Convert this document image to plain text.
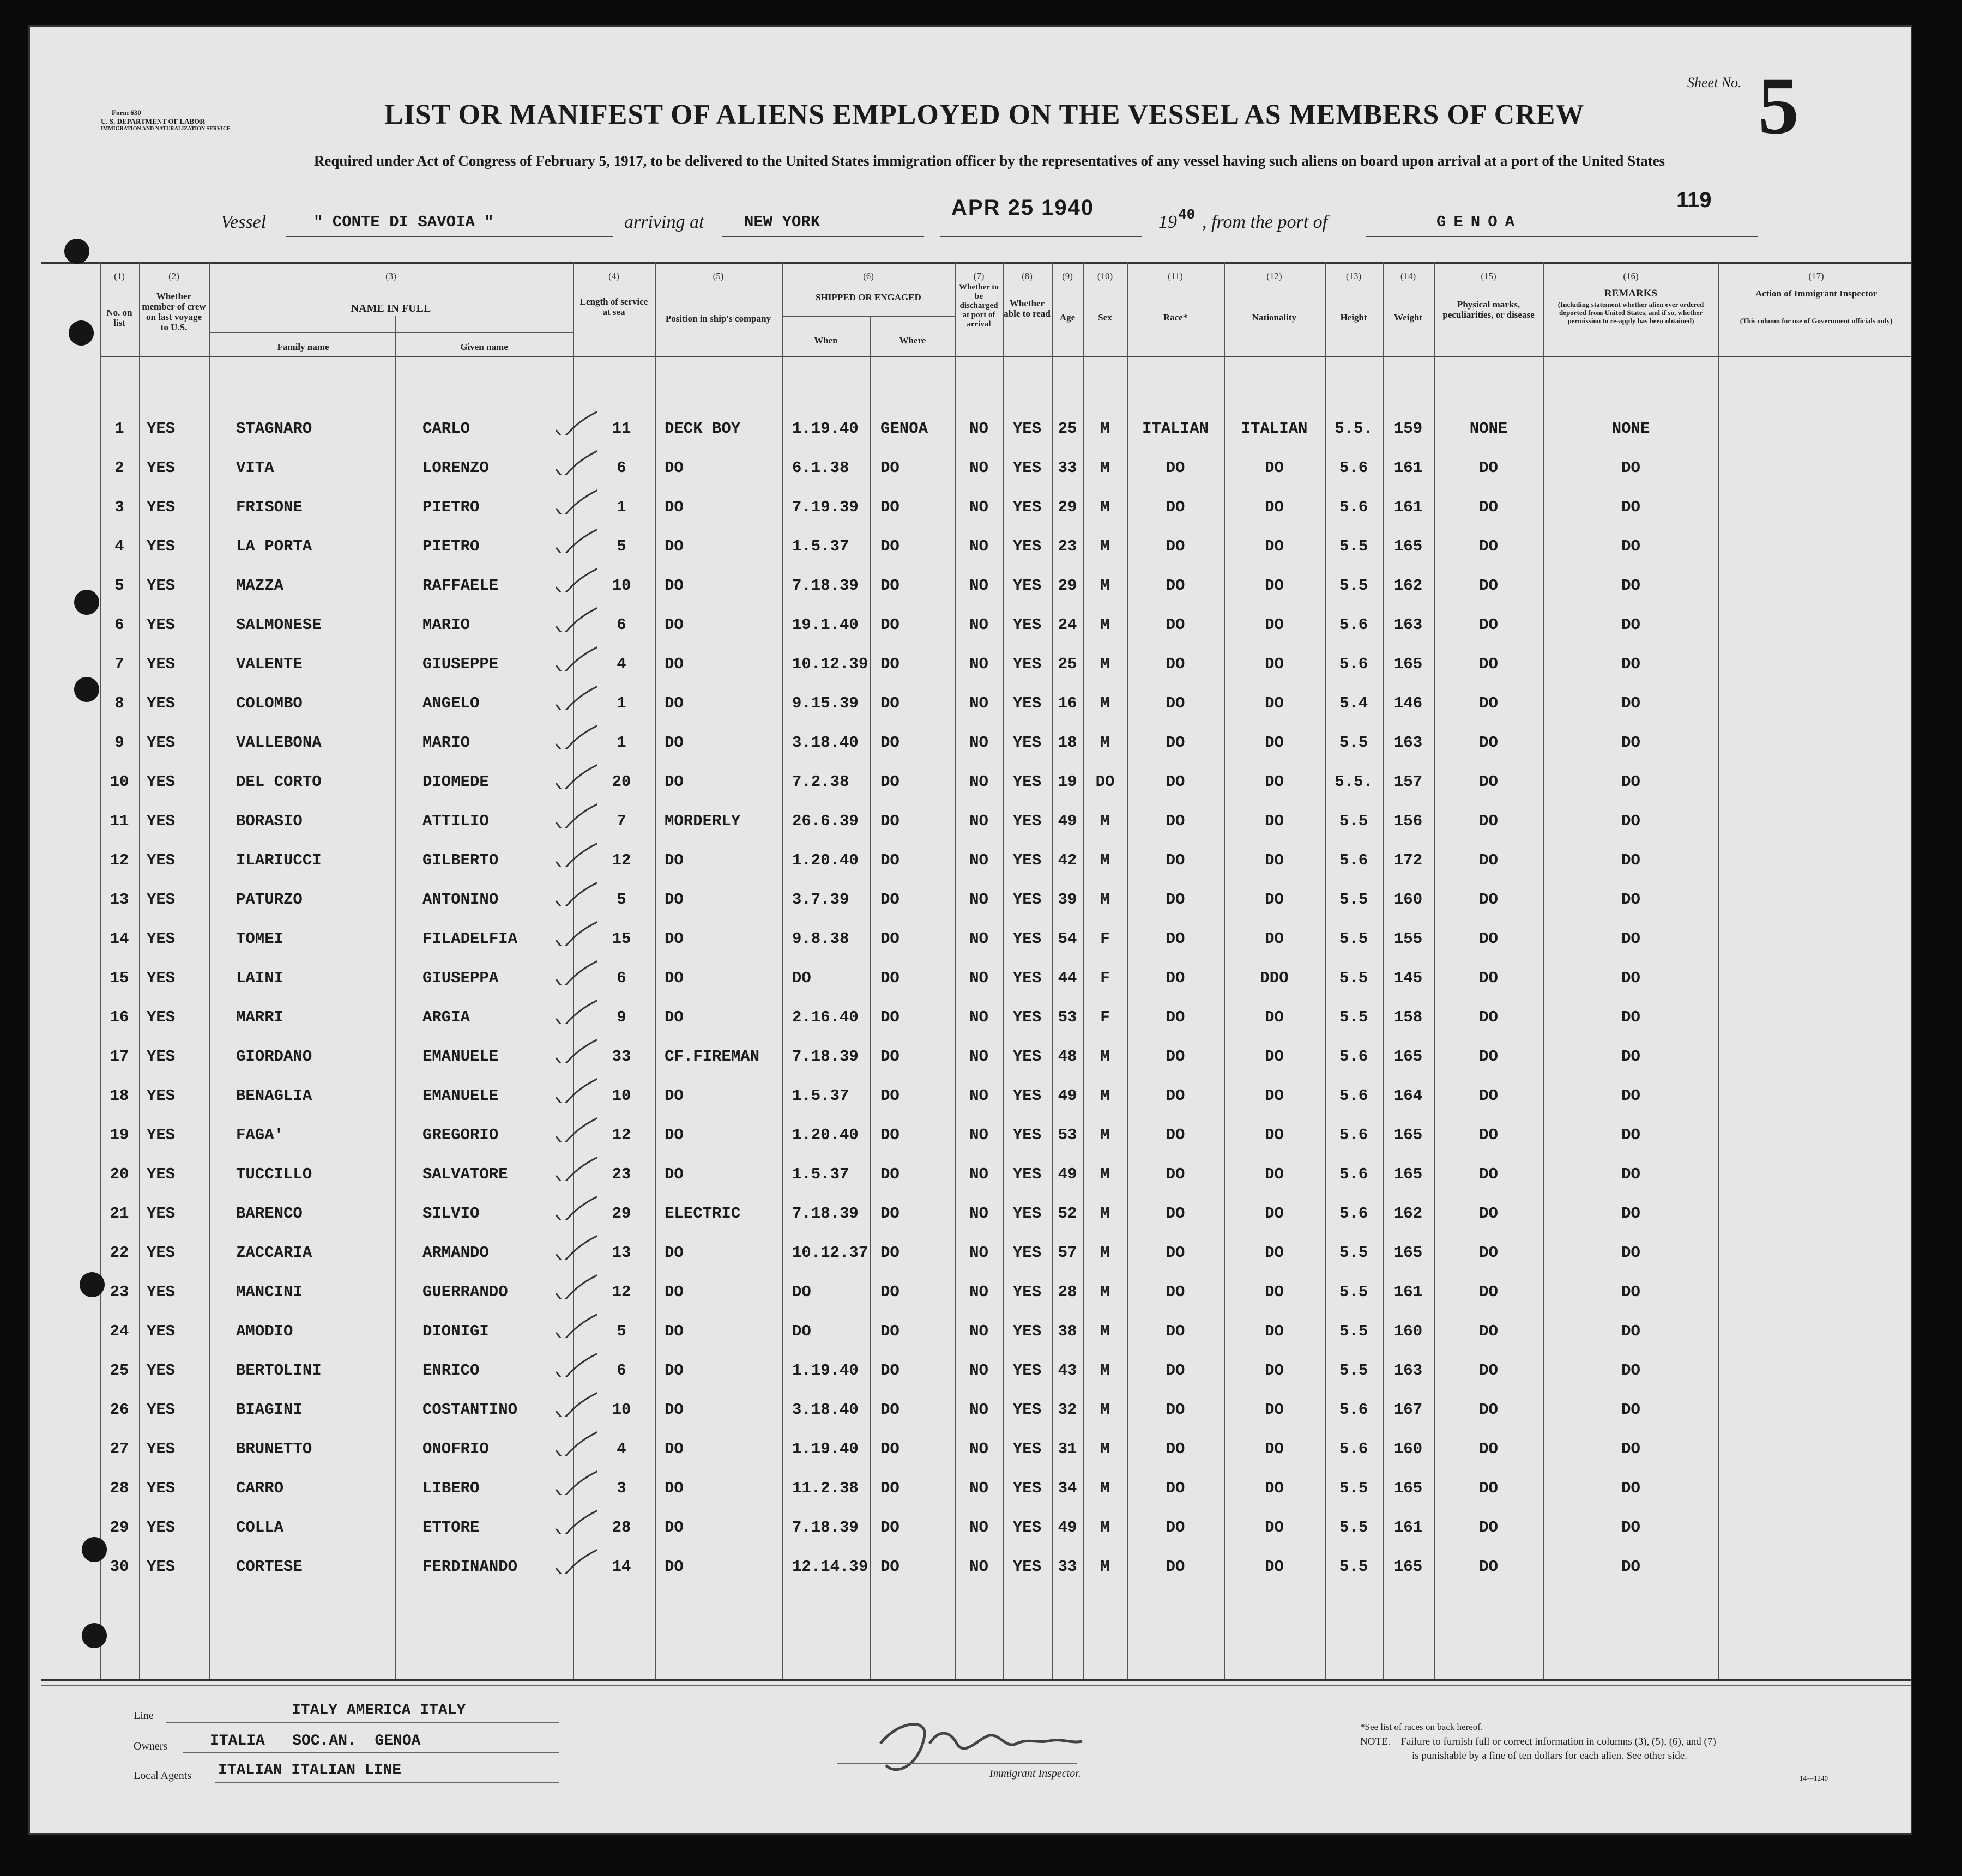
Form 630
U. S. DEPARTMENT OF LABOR
IMMIGRATION AND NATURALIZATION SERVICE	LIST OR MANIFEST OF ALIENS EMPLOYED ON THE VESSEL AS MEMBERS OF CREW
Sheet No. 5
Required under Act of Congress of February 5, 1917, to be delivered to the United States immigration officer by the representatives of any vessel having such aliens on board upon arrival at a port of the United States
Vessel	" CONTE DI SAVOIA "	arriving at	NEW YORK
APR 25 1940
19 40 , from the port of	GENOA
119
(1)	(2)	(3)	(4)	(5)	(6)	(7)	(8)	(9)	(10)	(11)	(12)	(13)	(14)	(15)	(16)	(17)
No. on list
Whether member of crew on last voyage to U.S.
NAME IN FULL
Family name	Given name
Length of service at sea
Position in ship's company
SHIPPED OR ENGAGED
When	Where
Whether to be discharged at port of arrival
Whether able to read	Age	Sex	Race*	Nationality	Height	Weight
Physical marks, peculiarities, or disease
REMARKS
(Including statement whether alien ever ordered deported from United States, and if so, whether permission to re-apply has been obtained)
Action of Immigrant Inspector
(This column for use of Government officials only)
1	YES	STAGNARO	CARLO	11	DECK BOY	1.19.40	GENOA	NO	YES	25	M	ITALIAN	ITALIAN	5.5.	159	NONE	NONE
2	YES	VITA	LORENZO	6	DO	6.1.38	DO	NO	YES	33	M	DO	DO	5.6	161	DO	DO
3	YES	FRISONE	PIETRO	1	DO	7.19.39	DO	NO	YES	29	M	DO	DO	5.6	161	DO	DO
4	YES	LA PORTA	PIETRO	5	DO	1.5.37	DO	NO	YES	23	M	DO	DO	5.5	165	DO	DO
5	YES	MAZZA	RAFFAELE	10	DO	7.18.39	DO	NO	YES	29	M	DO	DO	5.5	162	DO	DO
6	YES	SALMONESE	MARIO	6	DO	19.1.40	DO	NO	YES	24	M	DO	DO	5.6	163	DO	DO
7	YES	VALENTE	GIUSEPPE	4	DO	10.12.39 DO	NO	YES	25	M	DO	DO	5.6	165	DO	DO
8	YES	COLOMBO	ANGELO	1	DO	9.15.39	DO	NO	YES	16	M	DO	DO	5.4	146	DO	DO
9	YES	VALLEBONA	MARIO	1	DO	3.18.40	DO	NO	YES	18	M	DO	DO	5.5	163	DO	DO
10	YES	DEL CORTO	DIOMEDE	20	DO	7.2.38	DO	NO	YES	19	DO	DO	DO	5.5.	157	DO	DO
11	YES	BORASIO	ATTILIO	7	MORDERLY	26.6.39	DO	NO	YES	49	M	DO	DO	5.5	156	DO	DO
12	YES	ILARIUCCI	GILBERTO	12	DO	1.20.40	DO	NO	YES	42	M	DO	DO	5.6	172	DO	DO
13	YES	PATURZO	ANTONINO	5	DO	3.7.39	DO	NO	YES	39	M	DO	DO	5.5	160	DO	DO
14	YES	TOMEI	FILADELFIA	15	DO	9.8.38	DO	NO	YES	54	F	DO	DO	5.5	155	DO	DO
15	YES	LAINI	GIUSEPPA	6	DO	DO	DO	NO	YES	44	F	DO	DDO	5.5	145	DO	DO
16	YES	MARRI	ARGIA	9	DO	2.16.40	DO	NO	YES	53	F	DO	DO	5.5	158	DO	DO
17	YES	GIORDANO	EMANUELE	33	CF.FIREMAN	7.18.39	DO	NO	YES	48	M	DO	DO	5.6	165	DO	DO
18	YES	BENAGLIA	EMANUELE	10	DO	1.5.37	DO	NO	YES	49	M	DO	DO	5.6	164	DO	DO
19	YES	FAGA'	GREGORIO	12	DO	1.20.40	DO	NO	YES	53	M	DO	DO	5.6	165	DO	DO
20	YES	TUCCILLO	SALVATORE	23	DO	1.5.37	DO	NO	YES	49	M	DO	DO	5.6	165	DO	DO
21	YES	BARENCO	SILVIO	29	ELECTRIC	7.18.39	DO	NO	YES	52	M	DO	DO	5.6	162	DO	DO
22	YES	ZACCARIA	ARMANDO	13	DO	10.12.37 DO	NO	YES	57	M	DO	DO	5.5	165	DO	DO
23	YES	MANCINI	GUERRANDO	12	DO	DO	DO	NO	YES	28	M	DO	DO	5.5	161	DO	DO
24	YES	AMODIO	DIONIGI	5	DO	DO	DO	NO	YES	38	M	DO	DO	5.5	160	DO	DO
25	YES	BERTOLINI	ENRICO	6	DO	1.19.40	DO	NO	YES	43	M	DO	DO	5.5	163	DO	DO
26	YES	BIAGINI	COSTANTINO	10	DO	3.18.40	DO	NO	YES	32	M	DO	DO	5.6	167	DO	DO
27	YES	BRUNETTO	ONOFRIO	4	DO	1.19.40	DO	NO	YES	31	M	DO	DO	5.6	160	DO	DO
28	YES	CARRO	LIBERO	3	DO	11.2.38	DO	NO	YES	34	M	DO	DO	5.5	165	DO	DO
29	YES	COLLA	ETTORE	28	DO	7.18.39	DO	NO	YES	49	M	DO	DO	5.5	161	DO	DO
30	YES	CORTESE	FERDINANDO	14	DO	12.14.39 DO	NO	YES	33	M	DO	DO	5.5	165	DO	DO
Line	ITALY AMERICA ITALY
Owners	ITALIA   SOC.AN.  GENOA
Local Agents ITALIAN ITALIAN LINE	Immigrant Inspector.
*See list of races on back hereof.
NOTE.—Failure to furnish full or correct information in columns (3), (5), (6), and (7)
is punishable by a fine of ten dollars for each alien. See other side.
14—1240
